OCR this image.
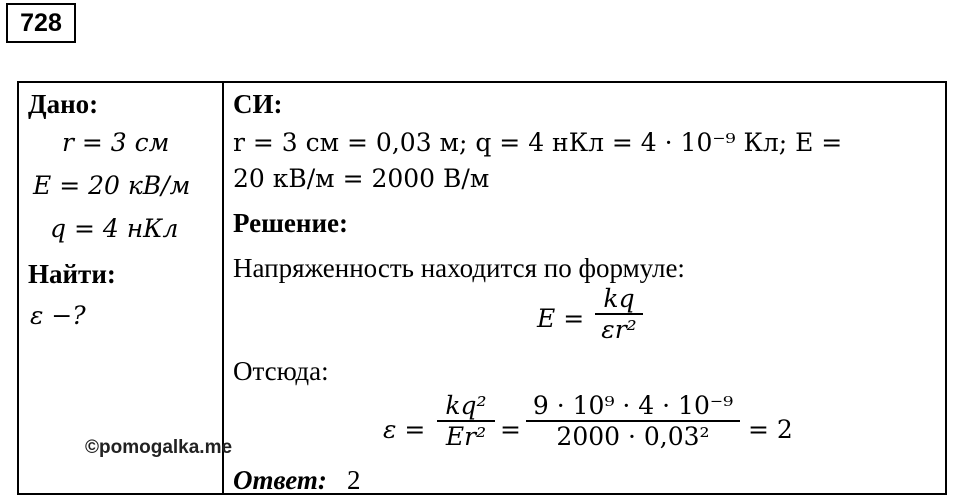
728
Дано:
r = 3 см
E = 20 кВ/м
q = 4 нКл
Найти:
ε −?
СИ:
r = 3 см = 0,03 м; q = 4 нКл = 4 · 10⁻⁹ Кл; E =
20 кВ/м = 2000 В/м
Решение:
Напряженность находится по формуле:
E =
kq
εr²
Отсюда:
ε =
kq²
Er² =
9 · 10⁹ · 4 · 10⁻⁹
2000 · 0,03²	= 2
Ответ: 2
©pomogalka.me
